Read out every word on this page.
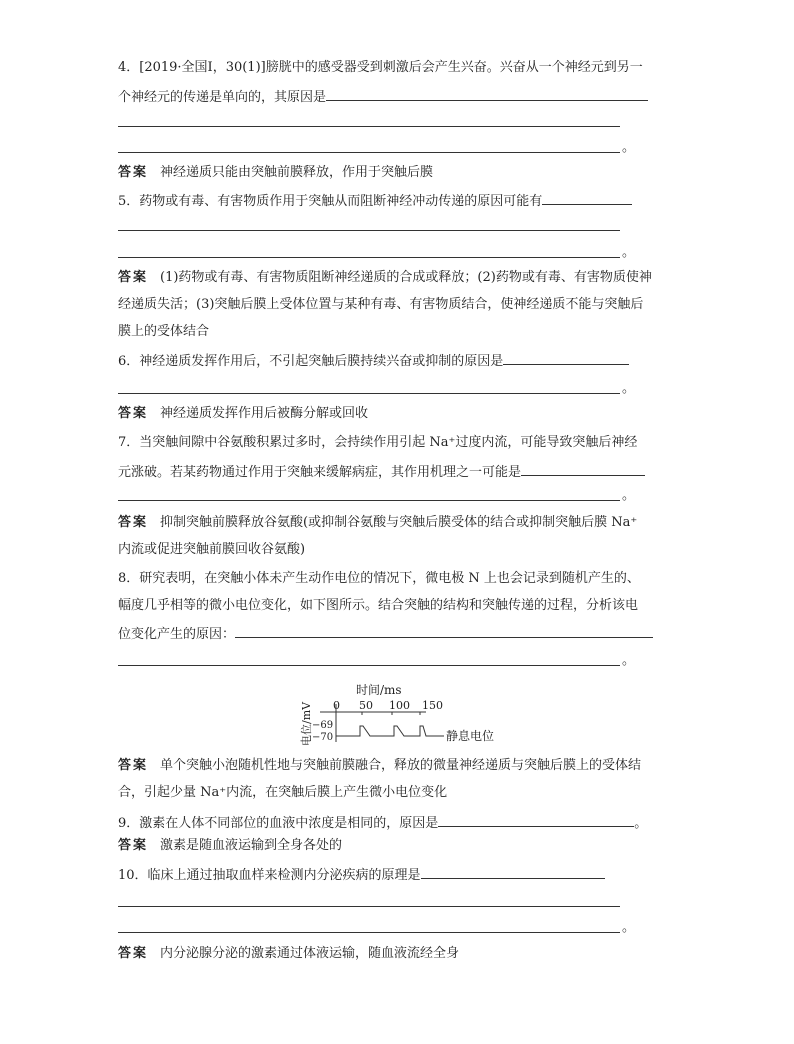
4．[2019·全国Ⅰ，30(1)]膀胱中的感受器受到刺激后会产生兴奋。兴奋从一个神经元到另一
个神经元的传递是单向的，其原因是
。
答案 神经递质只能由突触前膜释放，作用于突触后膜
5．药物或有毒、有害物质作用于突触从而阻断神经冲动传递的原因可能有
。
答案 (1)药物或有毒、有害物质阻断神经递质的合成或释放；(2)药物或有毒、有害物质使神
经递质失活；(3)突触后膜上受体位置与某种有毒、有害物质结合，使神经递质不能与突触后
膜上的受体结合
6．神经递质发挥作用后，不引起突触后膜持续兴奋或抑制的原因是
。
答案 神经递质发挥作用后被酶分解或回收
7．当突触间隙中谷氨酸积累过多时，会持续作用引起 Na⁺过度内流，可能导致突触后神经
元涨破。若某药物通过作用于突触来缓解病症，其作用机理之一可能是
。
答案 抑制突触前膜释放谷氨酸(或抑制谷氨酸与突触后膜受体的结合或抑制突触后膜 Na⁺
内流或促进突触前膜回收谷氨酸)
8．研究表明，在突触小体未产生动作电位的情况下，微电极 N 上也会记录到随机产生的、
幅度几乎相等的微小电位变化，如下图所示。结合突触的结构和突触传递的过程，分析该电
位变化产生的原因：
。
时间/ms
电位/mV 0 50 100 150
−69
−70	静息电位
答案 单个突触小泡随机性地与突触前膜融合，释放的微量神经递质与突触后膜上的受体结
合，引起少量 Na⁺内流，在突触后膜上产生微小电位变化
9．激素在人体不同部位的血液中浓度是相同的，原因是	。
答案 激素是随血液运输到全身各处的
10．临床上通过抽取血样来检测内分泌疾病的原理是
。
答案 内分泌腺分泌的激素通过体液运输，随血液流经全身
